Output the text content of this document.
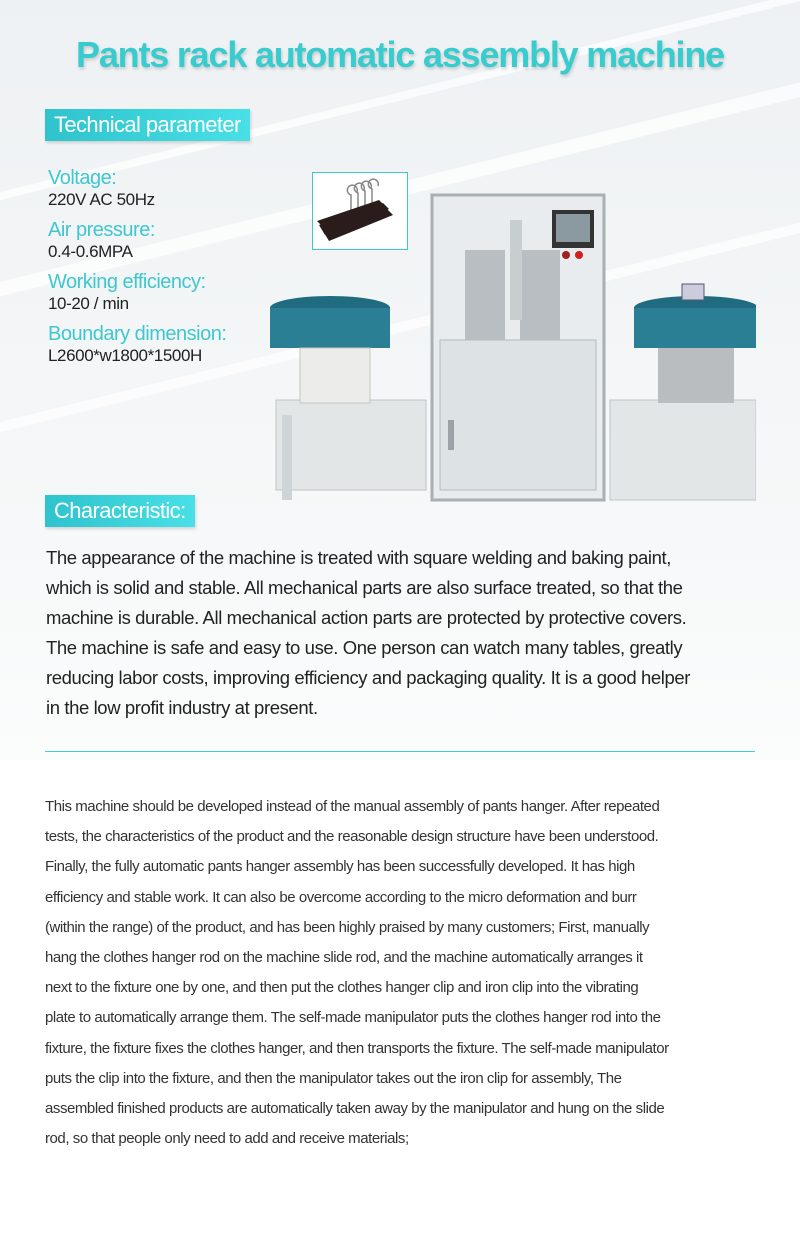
Pants rack automatic assembly machine
Technical parameter
Voltage:
220V AC 50Hz
Air pressure:
0.4-0.6MPA
Working efficiency:
10-20 / min
Boundary dimension:
L2600*w1800*1500H
Characteristic:
The appearance of the machine is treated with square welding and baking paint,
which is solid and stable. All mechanical parts are also surface treated, so that the
machine is durable. All mechanical action parts are protected by protective covers.
The machine is safe and easy to use. One person can watch many tables, greatly
reducing labor costs, improving efficiency and packaging quality. It is a good helper
in the low profit industry at present.
This machine should be developed instead of the manual assembly of pants hanger. After repeated
tests, the characteristics of the product and the reasonable design structure have been understood.
Finally, the fully automatic pants hanger assembly has been successfully developed. It has high
efficiency and stable work. It can also be overcome according to the micro deformation and burr
(within the range) of the product, and has been highly praised by many customers; First, manually
hang the clothes hanger rod on the machine slide rod, and the machine automatically arranges it
next to the fixture one by one, and then put the clothes hanger clip and iron clip into the vibrating
plate to automatically arrange them. The self-made manipulator puts the clothes hanger rod into the
fixture, the fixture fixes the clothes hanger, and then transports the fixture. The self-made manipulator
puts the clip into the fixture, and then the manipulator takes out the iron clip for assembly, The
assembled finished products are automatically taken away by the manipulator and hung on the slide
rod, so that people only need to add and receive materials;
